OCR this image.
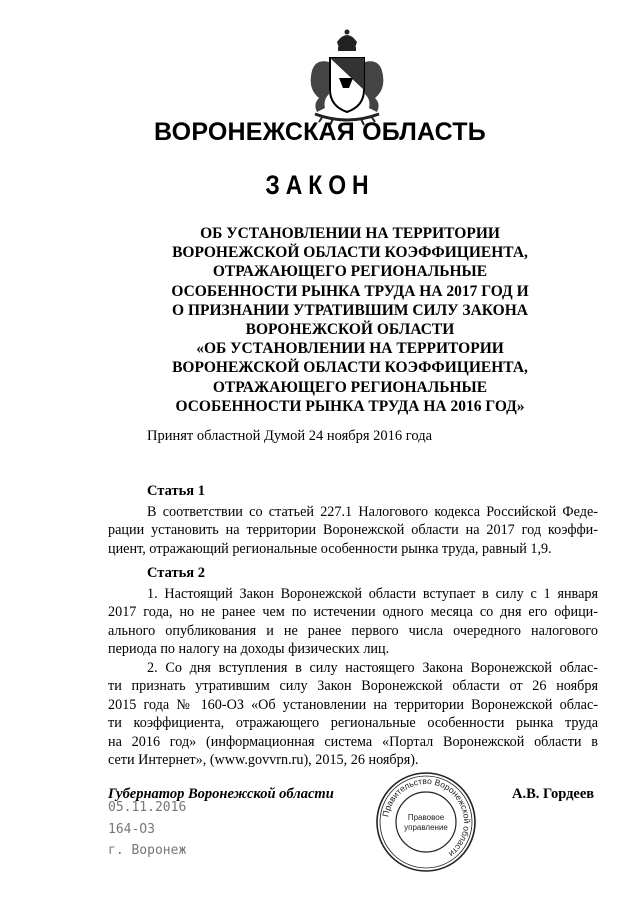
ВОРОНЕЖСКАЯ ОБЛАСТЬ
ЗАКОН
ОБ УСТАНОВЛЕНИИ НА ТЕРРИТОРИИ
ВОРОНЕЖСКОЙ ОБЛАСТИ КОЭФФИЦИЕНТА,
ОТРАЖАЮЩЕГО РЕГИОНАЛЬНЫЕ
ОСОБЕННОСТИ РЫНКА ТРУДА НА 2017 ГОД И
О ПРИЗНАНИИ УТРАТИВШИМ СИЛУ ЗАКОНА
ВОРОНЕЖСКОЙ ОБЛАСТИ
«ОБ УСТАНОВЛЕНИИ НА ТЕРРИТОРИИ
ВОРОНЕЖСКОЙ ОБЛАСТИ КОЭФФИЦИЕНТА,
ОТРАЖАЮЩЕГО РЕГИОНАЛЬНЫЕ
ОСОБЕННОСТИ РЫНКА ТРУДА НА 2016 ГОД»
Принят областной Думой 24 ноября 2016 года
Статья 1
В соответствии со статьей 227.1 Налогового кодекса Российской Феде-
рации установить на территории Воронежской области на 2017 год коэффи-
циент, отражающий региональные особенности рынка труда, равный 1,9.
Статья 2
1. Настоящий Закон Воронежской области вступает в силу с 1 января
2017 года, но не ранее чем по истечении одного месяца со дня его офици-
ального опубликования и не ранее первого числа очередного налогового
периода по налогу на доходы физических лиц.
2. Со дня вступления в силу настоящего Закона Воронежской облас-
ти признать утратившим силу Закон Воронежской области от 26 ноября
2015 года № 160-ОЗ «Об установлении на территории Воронежской облас-
ти коэффициента, отражающего региональные особенности рынка труда
на 2016 год» (информационная система «Портал Воронежской области в
сети Интернет», (www.govvrn.ru), 2015, 26 ноября).
Губернатор Воронежской области	А.В. Гордеев
Правительство Воронежской области
Правовое
управление
05.11.2016
164-ОЗ
г. Воронеж
